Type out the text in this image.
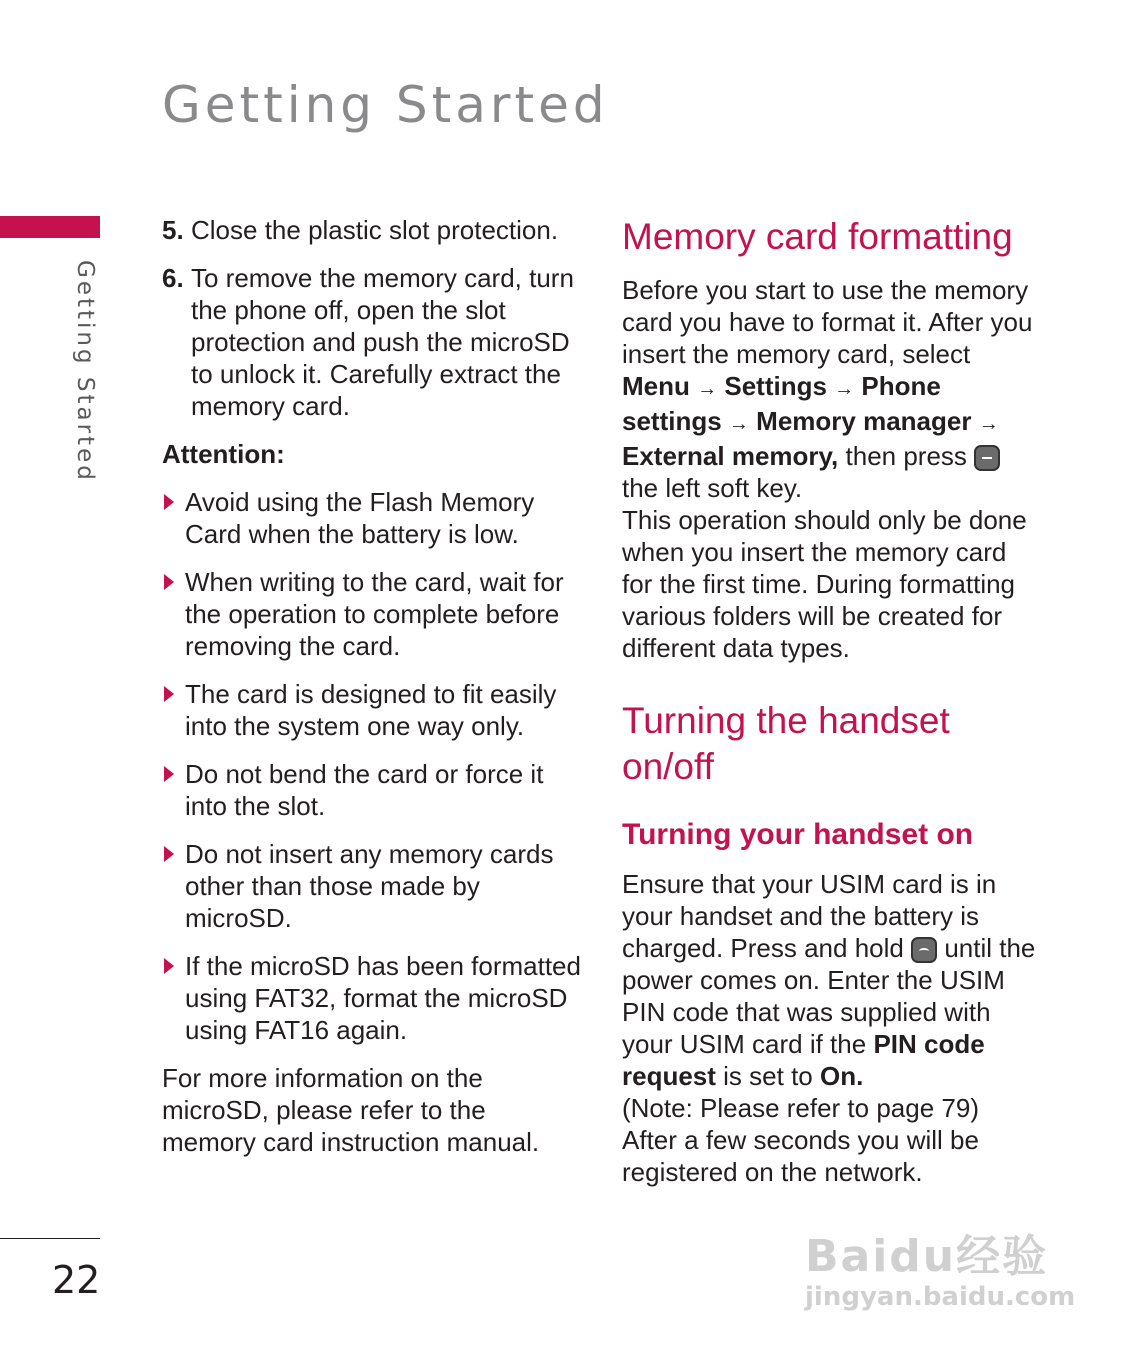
Getting Started
Getting Started
22
5. Close the plastic slot protection.
6. To remove the memory card, turn the phone off, open the slot protection and push the microSD to unlock it. Carefully extract the memory card.

Attention:

Avoid using the Flash Memory Card when the battery is low.
When writing to the card, wait for the operation to complete before removing the card.
The card is designed to fit easily into the system one way only.
Do not bend the card or force it into the slot.
Do not insert any memory cards other than those made by microSD.
If the microSD has been formatted using FAT32, format the microSD using FAT16 again.

For more information on the microSD, please refer to the memory card instruction manual.

Memory card formatting

Before you start to use the memory card you have to format it. After you insert the memory card, select Menu → Settings → Phone settings → Memory manager → External memory, then press  the left soft key.

This operation should only be done when you insert the memory card for the first time. During formatting various folders will be created for different data types.

Turning the handset on/off
Turning your handset on

Ensure that your USIM card is in your handset and the battery is charged. Press and hold until the power comes on. Enter the USIM PIN code that was supplied with your USIM card if the PIN code request is set to On.

(Note: Please refer to page 79)

After a few seconds you will be registered on the network.

Baidu经验
jingyan.baidu.com
